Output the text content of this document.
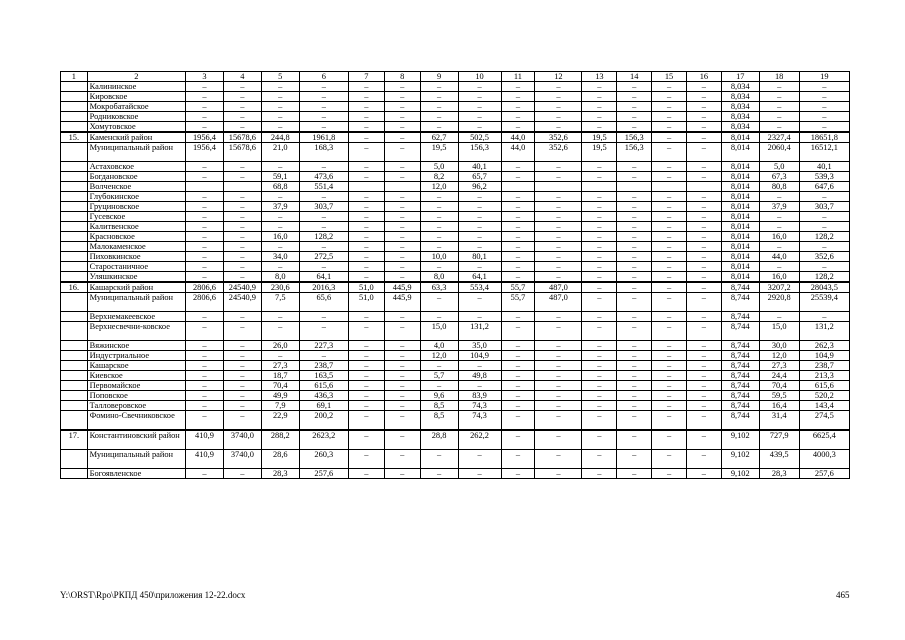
1	2	3	4	5	6	7	8	9	10	11	12	13	14	15	16	17	18	19
	Калининское	–	–	–	–	–	–	–	–	–	–	–	–	–	–	8,034	–	–
	Кировское	–	–	–	–	–	–	–	–	–	–	–	–	–	–	8,034	–	–
	Мокробатайское	–	–	–	–	–	–	–	–	–	–	–	–	–	–	8,034	–	–
	Родниковское	–	–	–	–	–	–	–	–	–	–	–	–	–	–	8,034	–	–
	Хомутовское	–	–	–	–	–	–	–	–	–	–	–	–	–	–	8,034	–	–
15.	Каменский район	1956,4	15678,6	244,8	1961,8	–	–	62,7	502,5	44,0	352,6	19,5	156,3	–	–	8,014	2327,4	18651,8
	Муниципальный район	1956,4	15678,6	21,0	168,3	–	–	19,5	156,3	44,0	352,6	19,5	156,3	–	–	8,014	2060,4	16512,1
	Астаховское	–	–	–	–	–	–	5,0	40,1	–	–	–	–	–	–	8,014	5,0	40,1
	Богдановское	–	–	59,1	473,6	–	–	8,2	65,7	–	–	–	–	–	–	8,014	67,3	539,3
	Волченское			68,8	551,4			12,0	96,2							8,014	80,8	647,6
	Глубокинское	–	–	–	–	–	–	–	–	–	–	–	–	–	–	8,014	–	–
	Груциновское	–	–	37,9	303,7	–	–	–	–	–	–	–	–	–	–	8,014	37,9	303,7
	Гусевское	–	–	–	–	–	–	–	–	–	–	–	–	–	–	8,014	–	–
	Калитвенское	–	–	–	–	–	–	–	–	–	–	–	–	–	–	8,014	–	–
	Красновское	–	–	16,0	128,2	–	–	–	–	–	–	–	–	–	–	8,014	16,0	128,2
	Малокаменское	–	–	–	–	–	–	–	–	–	–	–	–	–	–	8,014	–	–
	Пиховкинское	–	–	34,0	272,5	–	–	10,0	80,1	–	–	–	–	–	–	8,014	44,0	352,6
	Старостаничное	–	–	–	–	–	–	–	–	–	–	–	–	–	–	8,014	–	–
	Уляшкинское	–	–	8,0	64,1	–	–	8,0	64,1	–	–	–	–	–	–	8,014	16,0	128,2
16.	Кашарский район	2806,6	24540,9	230,6	2016,3	51,0	445,9	63,3	553,4	55,7	487,0	–	–	–	–	8,744	3207,2	28043,5
	Муниципальный район	2806,6	24540,9	7,5	65,6	51,0	445,9	–	–	55,7	487,0	–	–	–	–	8,744	2920,8	25539,4
	Верхнемакеевское	–	–	–	–	–	–	–	–	–	–	–	–	–	–	8,744	–	–
	Верхнесвечни-ковское	–	–	–	–	–	–	15,0	131,2	–	–	–	–	–	–	8,744	15,0	131,2
	Вяжинское	–	–	26,0	227,3	–	–	4,0	35,0	–	–	–	–	–	–	8,744	30,0	262,3
	Индустриальное	–	–	–	–	–	–	12,0	104,9	–	–	–	–	–	–	8,744	12,0	104,9
	Кашарское	–	–	27,3	238,7	–	–	–	–	–	–	–	–	–	–	8,744	27,3	238,7
	Киевское	–	–	18,7	163,5	–	–	5,7	49,8	–	–	–	–	–	–	8,744	24,4	213,3
	Первомайское	–	–	70,4	615,6	–	–	–	–	–	–	–	–	–	–	8,744	70,4	615,6
	Поповское	–	–	49,9	436,3	–	–	9,6	83,9	–	–	–	–	–	–	8,744	59,5	520,2
	Талловеровское	–	–	7,9	69,1	–	–	8,5	74,3	–	–	–	–	–	–	8,744	16,4	143,4
	Фомино-Свечниковское	–	–	22,9	200,2	–	–	8,5	74,3	–	–	–	–	–	–	8,744	31,4	274,5
17.	Константиновский район	410,9	3740,0	288,2	2623,2	–	–	28,8	262,2	–	–	–	–	–	–	9,102	727,9	6625,4
	Муниципальный район	410,9	3740,0	28,6	260,3	–	–	–	–	–	–	–	–	–	–	9,102	439,5	4000,3
	Богоявленское	–	–	28,3	257,6	–	–	–	–	–	–	–	–	–	–	9,102	28,3	257,6
Y:\ORST\Rpo\РКПД 450\приложения 12-22.docx	465
